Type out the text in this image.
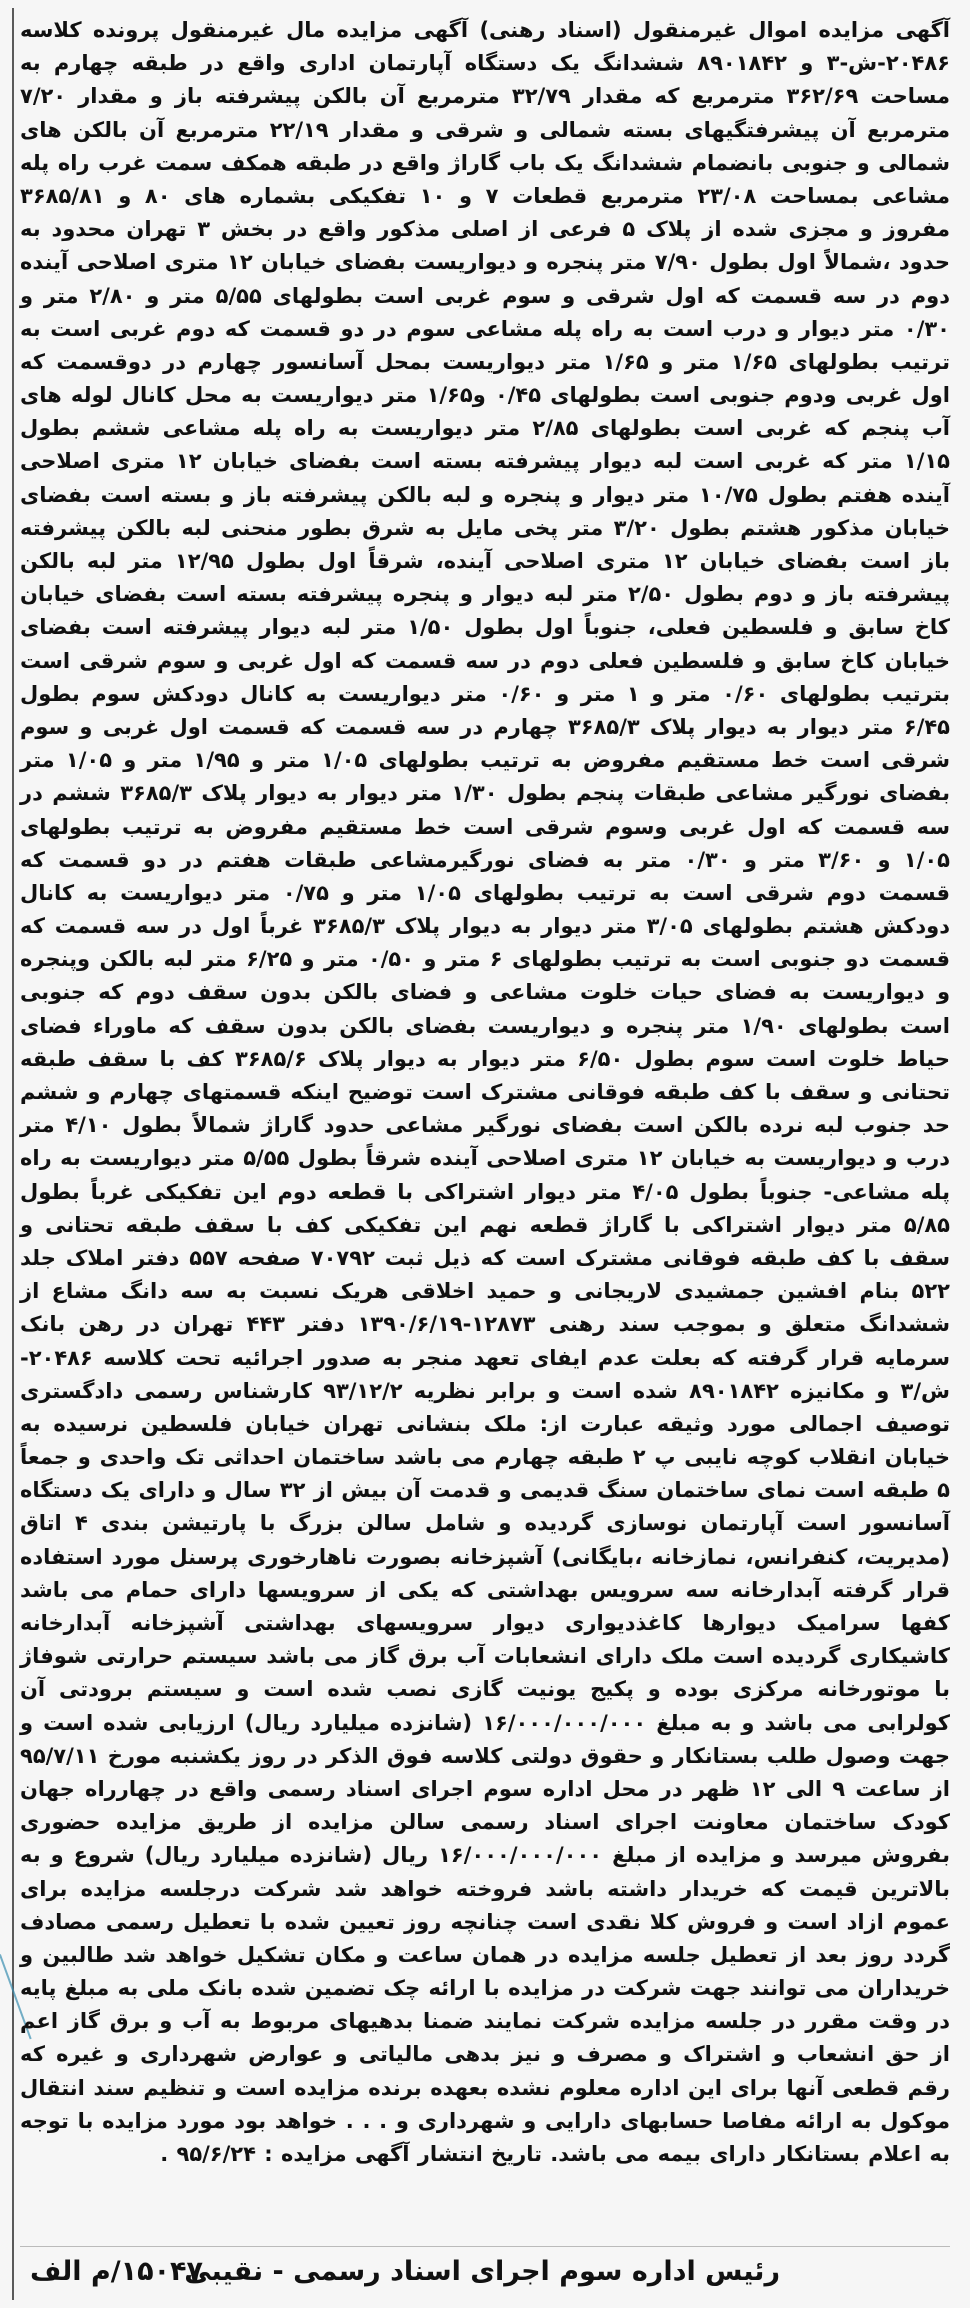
آگهی مزایده اموال غیرمنقول (اسناد رهنی) آگهی مزایده مال غیرمنقول پرونده کلاسه ۲۰۴۸۶-ش-۳ و ۸۹۰۱۸۴۲ ششدانگ یک دستگاه آپارتمان اداری واقع در طبقه چهارم به مساحت ۳۶۲/۶۹ مترمربع که مقدار ۳۲/۷۹ مترمربع آن بالکن پیشرفته باز و مقدار ۷/۲۰ مترمربع آن پیشرفتگیهای بسته شمالی و شرقی و مقدار ۲۲/۱۹ مترمربع آن بالکن های شمالی و جنوبی بانضمام ششدانگ یک باب گاراژ واقع در طبقه همکف سمت غرب راه پله مشاعی بمساحت ۲۳/۰۸ مترمربع قطعات ۷ و ۱۰ تفکیکی بشماره های ۸۰ و ۳۶۸۵/۸۱ مفروز و مجزی شده از پلاک ۵ فرعی از اصلی مذکور واقع در بخش ۳ تهران محدود به حدود ،شمالاً اول بطول ۷/۹۰ متر پنجره و دیواریست بفضای خیابان ۱۲ متری اصلاحی آینده دوم در سه قسمت که اول شرقی و سوم غربی است بطولهای ۵/۵۵ متر و ۲/۸۰ متر و ۰/۳۰ متر دیوار و درب است به راه پله مشاعی سوم در دو قسمت که دوم غربی است به ترتیب بطولهای ۱/۶۵ متر و ۱/۶۵ متر دیواریست بمحل آسانسور چهارم در دوقسمت که اول غربی ودوم جنوبی است بطولهای ۰/۴۵ و۱/۶۵ متر دیواریست به محل کانال لوله های آب پنجم که غربی است بطولهای ۲/۸۵ متر دیواریست به راه پله مشاعی ششم بطول ۱/۱۵ متر که غربی است لبه دیوار پیشرفته بسته است بفضای خیابان ۱۲ متری اصلاحی آینده هفتم بطول ۱۰/۷۵ متر دیوار و پنجره و لبه بالکن پیشرفته باز و بسته است بفضای خیابان مذکور هشتم بطول ۳/۲۰ متر پخی مایل به شرق بطور منحنی لبه بالکن پیشرفته باز است بفضای خیابان ۱۲ متری اصلاحی آینده، شرقاً اول بطول ۱۲/۹۵ متر لبه بالکن پیشرفته باز و دوم بطول ۲/۵۰ متر لبه دیوار و پنجره پیشرفته بسته است بفضای خیابان کاخ سابق و فلسطین فعلی، جنوباً اول بطول ۱/۵۰ متر لبه دیوار پیشرفته است بفضای خیابان کاخ سابق و فلسطین فعلی دوم در سه قسمت که اول غربی و سوم شرقی است بترتیب بطولهای ۰/۶۰ متر و ۱ متر و ۰/۶۰ متر دیواریست به کانال دودکش سوم بطول ۶/۴۵ متر دیوار به دیوار پلاک ۳۶۸۵/۳ چهارم در سه قسمت که قسمت اول غربی و سوم شرقی است خط مستقیم مفروض به ترتیب بطولهای ۱/۰۵ متر و ۱/۹۵ متر و ۱/۰۵ متر بفضای نورگیر مشاعی طبقات پنجم بطول ۱/۳۰ متر دیوار به دیوار پلاک ۳۶۸۵/۳ ششم در سه قسمت که اول غربی وسوم شرقی است خط مستقیم مفروض به ترتیب بطولهای ۱/۰۵ و ۳/۶۰ متر و ۰/۳۰ متر به فضای نورگیرمشاعی طبقات هفتم در دو قسمت که قسمت دوم شرقی است به ترتیب بطولهای ۱/۰۵ متر و ۰/۷۵ متر دیواریست به کانال دودکش هشتم بطولهای ۳/۰۵ متر دیوار به دیوار پلاک ۳۶۸۵/۳ غرباً اول در سه قسمت که قسمت دو جنوبی است به ترتیب بطولهای ۶ متر و ۰/۵۰ متر و ۶/۲۵ متر لبه بالکن وپنجره و دیواریست به فضای حیات خلوت مشاعی و فضای بالکن بدون سقف دوم که جنوبی است بطولهای ۱/۹۰ متر پنجره و دیواریست بفضای بالکن بدون سقف که ماوراء فضای حیاط خلوت است سوم بطول ۶/۵۰ متر دیوار به دیوار پلاک ۳۶۸۵/۶ کف با سقف طبقه تحتانی و سقف با کف طبقه فوقانی مشترک است توضیح اینکه قسمتهای چهارم و ششم حد جنوب لبه نرده بالکن است بفضای نورگیر مشاعی حدود گاراژ شمالاً بطول ۴/۱۰ متر درب و دیواریست به خیابان ۱۲ متری اصلاحی آینده شرقاً بطول ۵/۵۵ متر دیواریست به راه پله مشاعی- جنوباً بطول ۴/۰۵ متر دیوار اشتراکی با قطعه دوم این تفکیکی غرباً بطول ۵/۸۵ متر دیوار اشتراکی با گاراژ قطعه نهم این تفکیکی کف با سقف طبقه تحتانی و سقف با کف طبقه فوقانی مشترک است که ذیل ثبت ۷۰۷۹۲ صفحه ۵۵۷ دفتر املاک جلد ۵۲۲ بنام افشین جمشیدی لاریجانی و حمید اخلاقی هریک نسبت به سه دانگ مشاع از ششدانگ متعلق و بموجب سند رهنی ۱۲۸۷۳-۱۳۹۰/۶/۱۹ دفتر ۴۴۳ تهران در رهن بانک سرمایه قرار گرفته که بعلت عدم ایفای تعهد منجر به صدور اجرائیه تحت کلاسه ۲۰۴۸۶-ش/۳ و مکانیزه ۸۹۰۱۸۴۲ شده است و برابر نظریه ۹۳/۱۲/۲ کارشناس رسمی دادگستری توصیف اجمالی مورد وثیقه عبارت از: ملک بنشانی تهران خیابان فلسطین نرسیده به خیابان انقلاب کوچه نایبی پ ۲ طبقه چهارم می باشد ساختمان احداثی تک واحدی و جمعاً ۵ طبقه است نمای ساختمان سنگ قدیمی و قدمت آن بیش از ۳۲ سال و دارای یک دستگاه آسانسور است آپارتمان نوسازی گردیده و شامل سالن بزرگ با پارتیشن بندی ۴ اتاق (مدیریت، کنفرانس، نمازخانه ،بایگانی) آشپزخانه بصورت ناهارخوری پرسنل مورد استفاده قرار گرفته آبدارخانه سه سرویس بهداشتی که یکی از سرویسها دارای حمام می باشد کفها سرامیک دیوارها کاغذدیواری دیوار سرویسهای بهداشتی آشپزخانه آبدارخانه کاشیکاری گردیده است ملک دارای انشعابات آب برق گاز می باشد سیستم حرارتی شوفاژ با موتورخانه مرکزی بوده و پکیج یونیت گازی نصب شده است و سیستم برودتی آن کولرابی می باشد و به مبلغ ۱۶/۰۰۰/۰۰۰/۰۰۰ (شانزده میلیارد ریال) ارزیابی شده است و جهت وصول طلب بستانکار و حقوق دولتی کلاسه فوق الذکر در روز یکشنبه مورخ ۹۵/۷/۱۱ از ساعت ۹ الی ۱۲ ظهر در محل اداره سوم اجرای اسناد رسمی واقع در چهارراه جهان کودک ساختمان معاونت اجرای اسناد رسمی سالن مزایده از طریق مزایده حضوری بفروش میرسد و مزایده از مبلغ ۱۶/۰۰۰/۰۰۰/۰۰۰ ریال (شانزده میلیارد ریال) شروع و به بالاترین قیمت که خریدار داشته باشد فروخته خواهد شد شرکت درجلسه مزایده برای عموم ازاد است و فروش کلا نقدی است چنانچه روز تعیین شده با تعطیل رسمی مصادف گردد روز بعد از تعطیل جلسه مزایده در همان ساعت و مکان تشکیل خواهد شد طالبین و خریداران می توانند جهت شرکت در مزایده با ارائه چک تضمین شده بانک ملی به مبلغ پایه در وقت مقرر در جلسه مزایده شرکت نمایند ضمنا بدهیهای مربوط به آب و برق گاز اعم از حق انشعاب و اشتراک و مصرف و نیز بدهی مالیاتی و عوارض شهرداری و غیره که رقم قطعی آنها برای این اداره معلوم نشده بعهده برنده مزایده است و تنظیم سند انتقال موکول به ارائه مفاصا حسابهای دارایی و شهرداری و . . . خواهد بود مورد مزایده با توجه به اعلام بستانکار دارای بیمه می باشد. تاریخ انتشار آگهی مزایده : ۹۵/۶/۲۴ .
رئیس اداره سوم اجرای اسناد رسمی - نقیبی
۱۵۰۴۷/م الف
